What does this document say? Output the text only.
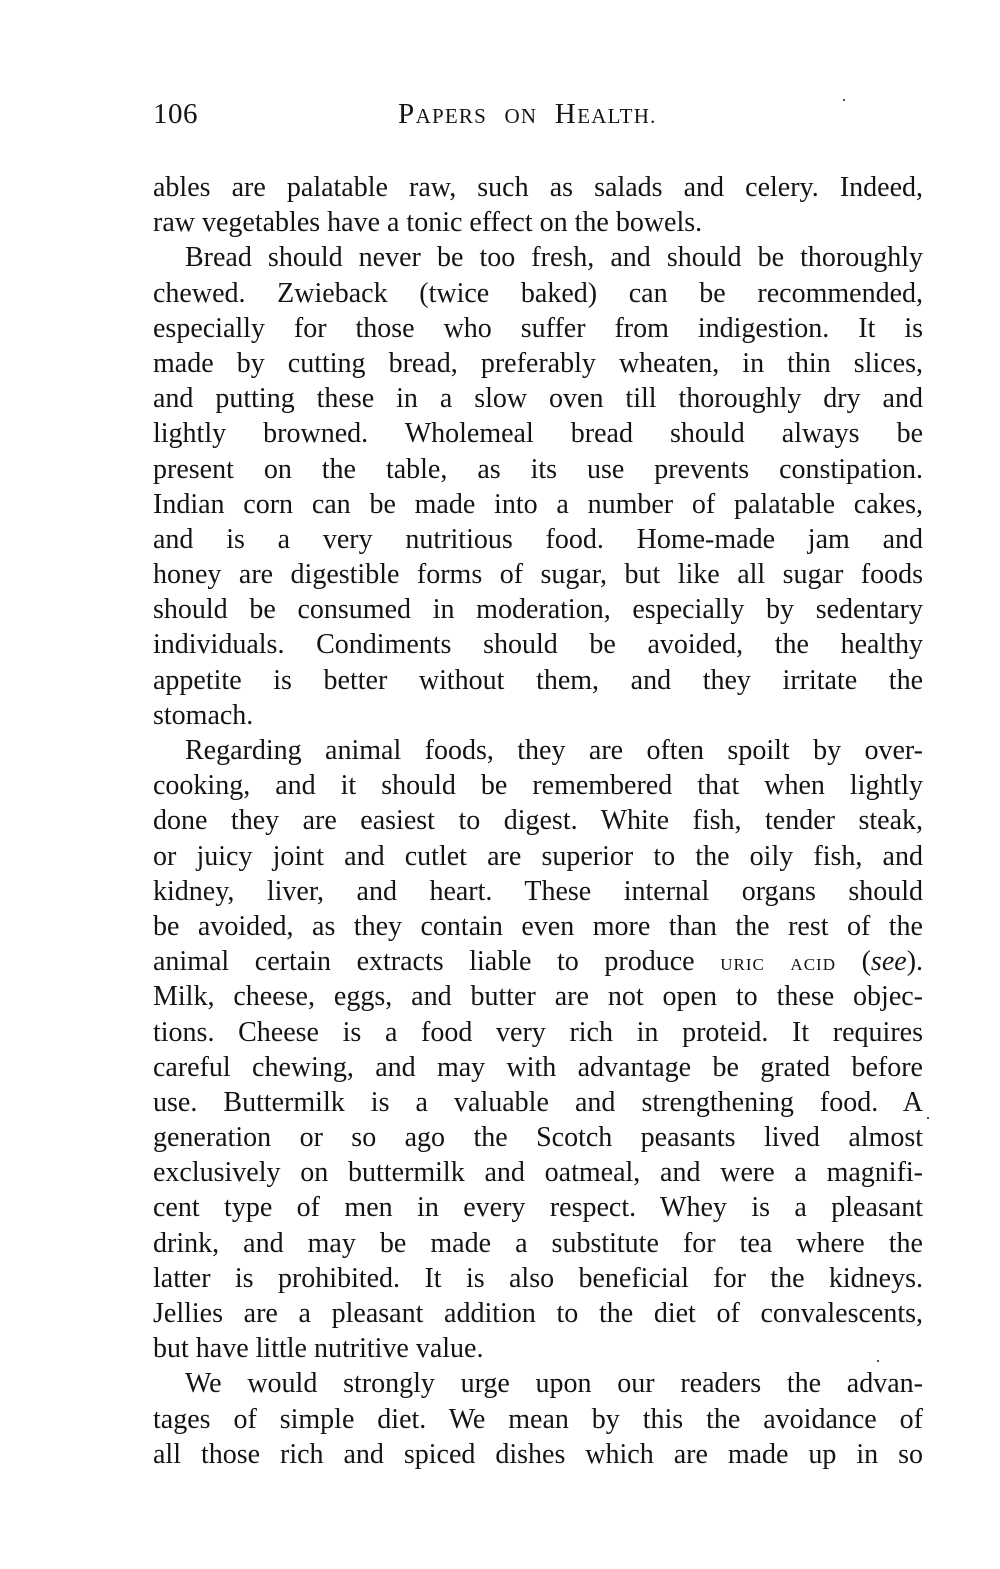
106	PAPERS ON HEALTH.
ables are palatable raw, such as salads and celery. Indeed,
raw vegetables have a tonic effect on the bowels.
Bread should never be too fresh, and should be thoroughly
chewed. Zwieback (twice baked) can be recommended,
especially for those who suffer from indigestion. It is
made by cutting bread, preferably wheaten, in thin slices,
and putting these in a slow oven till thoroughly dry and
lightly browned. Wholemeal bread should always be
present on the table, as its use prevents constipation.
Indian corn can be made into a number of palatable cakes,
and is a very nutritious food. Home-made jam and
honey are digestible forms of sugar, but like all sugar foods
should be consumed in moderation, especially by sedentary
individuals. Condiments should be avoided, the healthy
appetite is better without them, and they irritate the
stomach.
Regarding animal foods, they are often spoilt by over-
cooking, and it should be remembered that when lightly
done they are easiest to digest. White fish, tender steak,
or juicy joint and cutlet are superior to the oily fish, and
kidney, liver, and heart. These internal organs should
be avoided, as they contain even more than the rest of the
animal certain extracts liable to produce uric acid (see).
Milk, cheese, eggs, and butter are not open to these objec-
tions. Cheese is a food very rich in proteid. It requires
careful chewing, and may with advantage be grated before
use. Buttermilk is a valuable and strengthening food. A
generation or so ago the Scotch peasants lived almost
exclusively on buttermilk and oatmeal, and were a magnifi-
cent type of men in every respect. Whey is a pleasant
drink, and may be made a substitute for tea where the
latter is prohibited. It is also beneficial for the kidneys.
Jellies are a pleasant addition to the diet of convalescents,
but have little nutritive value.
We would strongly urge upon our readers the advan-
tages of simple diet. We mean by this the avoidance of
all those rich and spiced dishes which are made up in so
